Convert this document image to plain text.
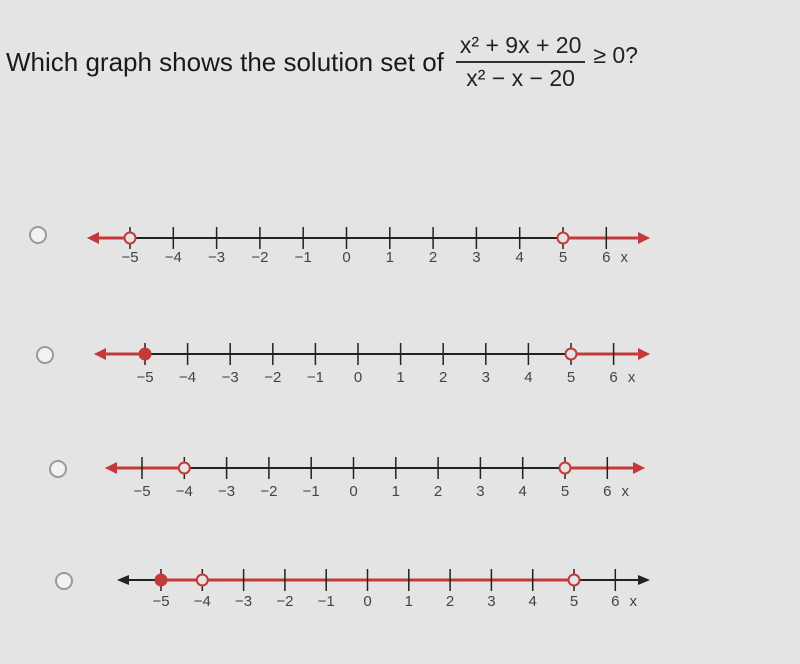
Which graph shows the solution set of $\frac{\text{x² + 9x + 20}}{\text{x² − x − 20}} \ge 0$?
−5 −4 −3 −2 −1 0 1 2 3 4 5 6 x
−5 −4 −3 −2 −1 0 1 2 3 4 5 6 x
−5 −4 −3 −2 −1 0 1 2 3 4 5 6 x
−5 −4 −3 −2 −1 0 1 2 3 4 5 6 x
